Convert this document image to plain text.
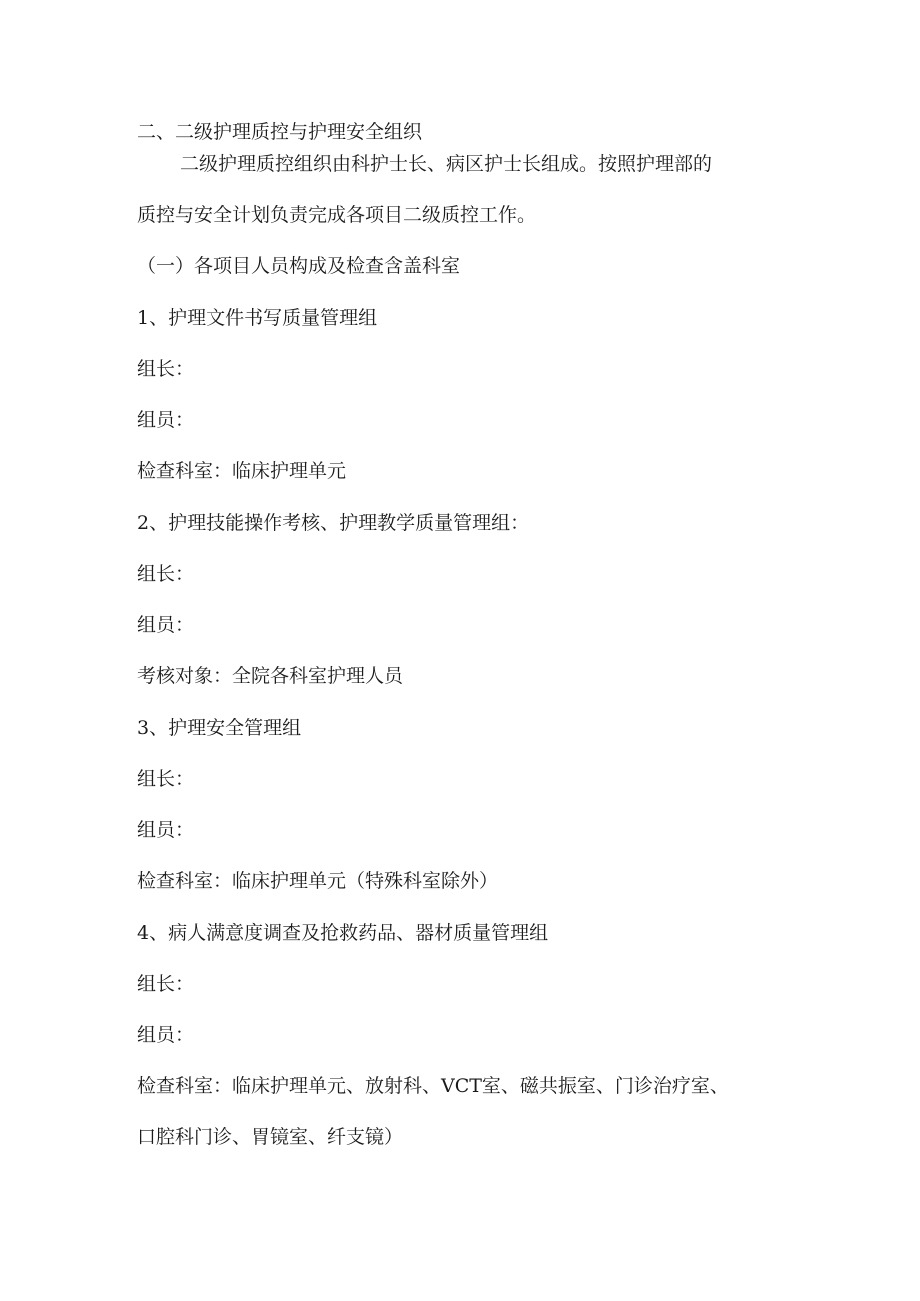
二、二级护理质控与护理安全组织
二级护理质控组织由科护士长、病区护士长组成。按照护理部的
质控与安全计划负责完成各项目二级质控工作。
（一）各项目人员构成及检查含盖科室
1、护理文件书写质量管理组
组长：
组员：
检查科室：临床护理单元
2、护理技能操作考核、护理教学质量管理组：
组长：
组员：
考核对象：全院各科室护理人员
3、护理安全管理组
组长：
组员：
检查科室：临床护理单元（特殊科室除外）
4、病人满意度调查及抢救药品、器材质量管理组
组长：
组员：
检查科室：临床护理单元、放射科、VCT室、磁共振室、门诊治疗室、
口腔科门诊、胃镜室、纤支镜）
